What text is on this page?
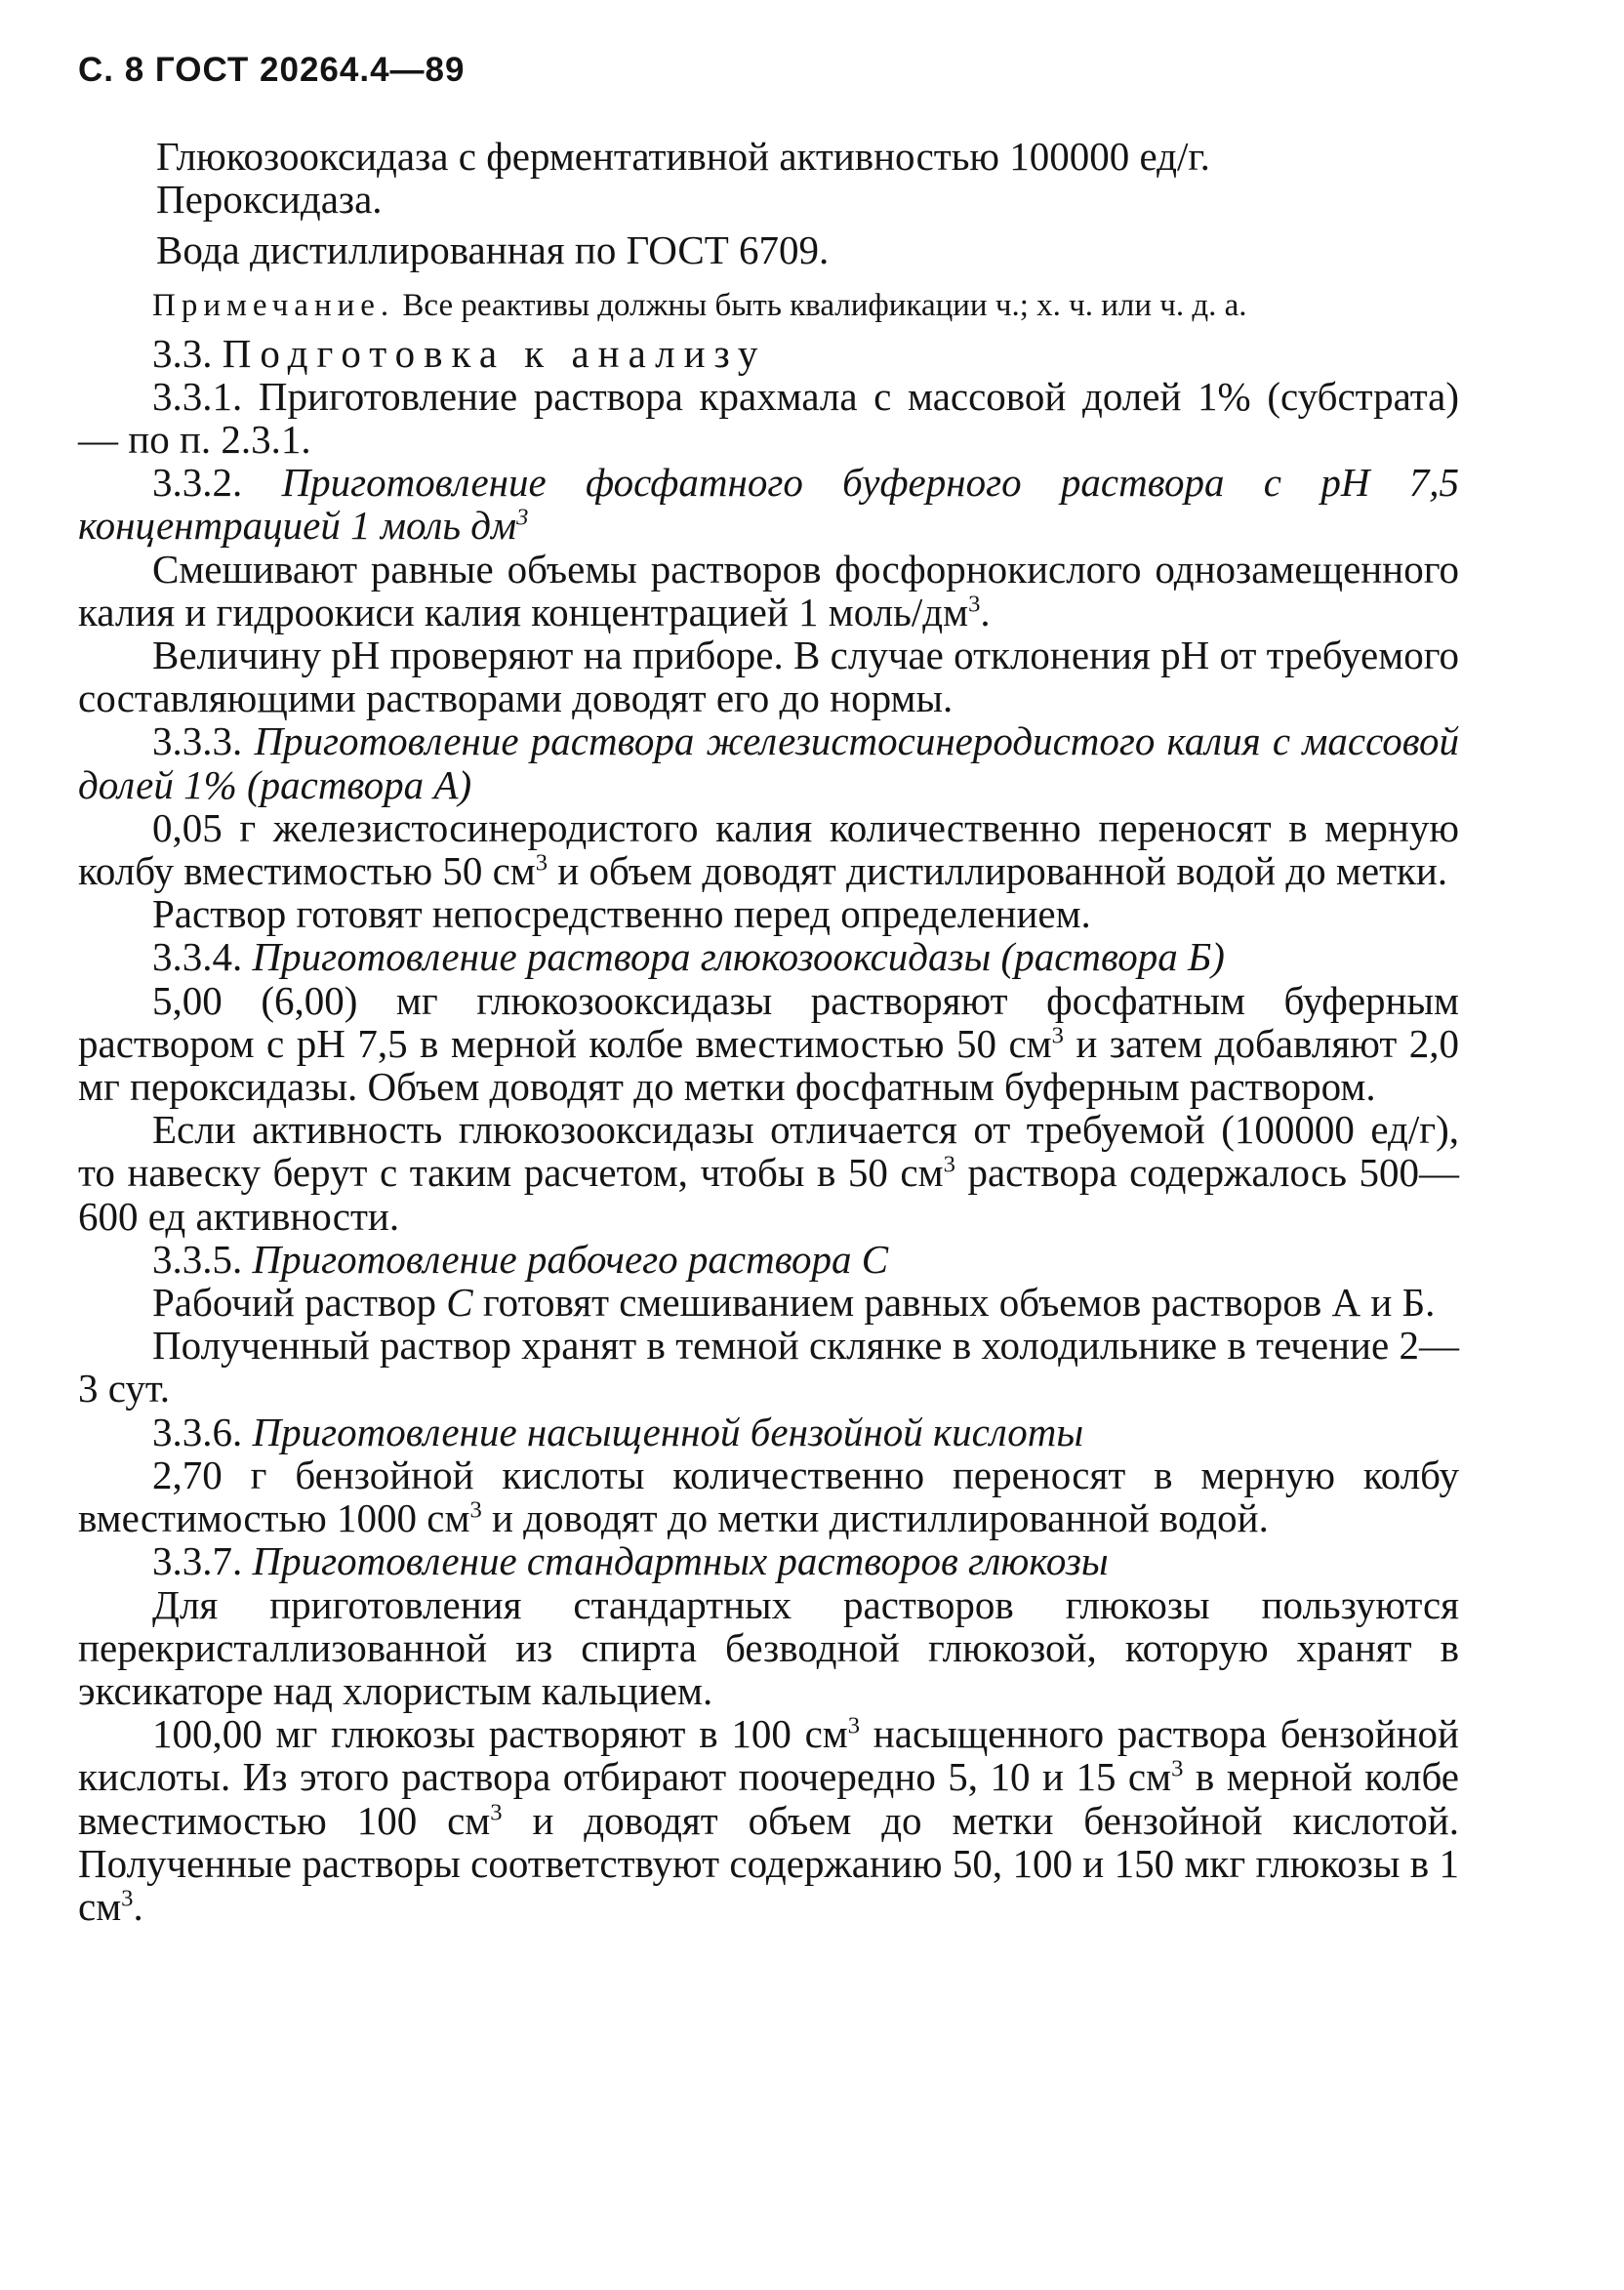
С. 8 ГОСТ 20264.4—89

Глюкозооксидаза с ферментативной активностью 100000 ед/г.

Пероксидаза.

Вода дистиллированная по ГОСТ 6709.

Примечание. Все реактивы должны быть квалификации ч.; х. ч. или ч. д. а.

3.3. Подготовка к анализу

3.3.1. Приготовление раствора крахмала с массовой долей 1% (субстрата) — по п. 2.3.1.

3.3.2. Приготовление фосфатного буферного раствора с рН 7,5 концентрацией 1 моль $дм^3$

Смешивают равные объемы растворов фосфорнокислого однозамещенного калия и гидроокиси калия концентрацией 1 моль/$дм^3$.

Величину рН проверяют на приборе. В случае отклонения рН от требуемого составляющими растворами доводят его до нормы.

3.3.3. Приготовление раствора железистосинеродистого калия с массовой долей 1% (раствора А)

0,05 г железистосинеродистого калия количественно переносят в мерную колбу вместимостью 50 $см^3$ и объем доводят дистиллированной водой до метки.

Раствор готовят непосредственно перед определением.

3.3.4. Приготовление раствора глюкозооксидазы (раствора Б)

5,00 (6,00) мг глюкозооксидазы растворяют фосфатным буферным раствором с рН 7,5 в мерной колбе вместимостью 50 $см^3$ и затем добавляют 2,0 мг пероксидазы. Объем доводят до метки фосфатным буферным раствором.

Если активность глюкозооксидазы отличается от требуемой (100000 ед/г), то навеску берут с таким расчетом, чтобы в 50 $см^3$ раствора содержалось 500—600 ед активности.

3.3.5. Приготовление рабочего раствора С

Рабочий раствор С готовят смешиванием равных объемов растворов А и Б.

Полученный раствор хранят в темной склянке в холодильнике в течение 2—3 сут.

3.3.6. Приготовление насыщенной бензойной кислоты

2,70 г бензойной кислоты количественно переносят в мерную колбу вместимостью 1000 $см^3$ и доводят до метки дистиллированной водой.

3.3.7. Приготовление стандартных растворов глюкозы

Для приготовления стандартных растворов глюкозы пользуются перекристаллизованной из спирта безводной глюкозой, которую хранят в эксикаторе над хлористым кальцием.

100,00 мг глюкозы растворяют в 100 $см^3$ насыщенного раствора бензойной кислоты. Из этого раствора отбирают поочередно 5, 10 и 15 $см^3$ в мерной колбе вместимостью 100 $см^3$ и доводят объем до метки бензойной кислотой. Полученные растворы соответствуют содержанию 50, 100 и 150 мкг глюкозы в 1 $см^3$.
